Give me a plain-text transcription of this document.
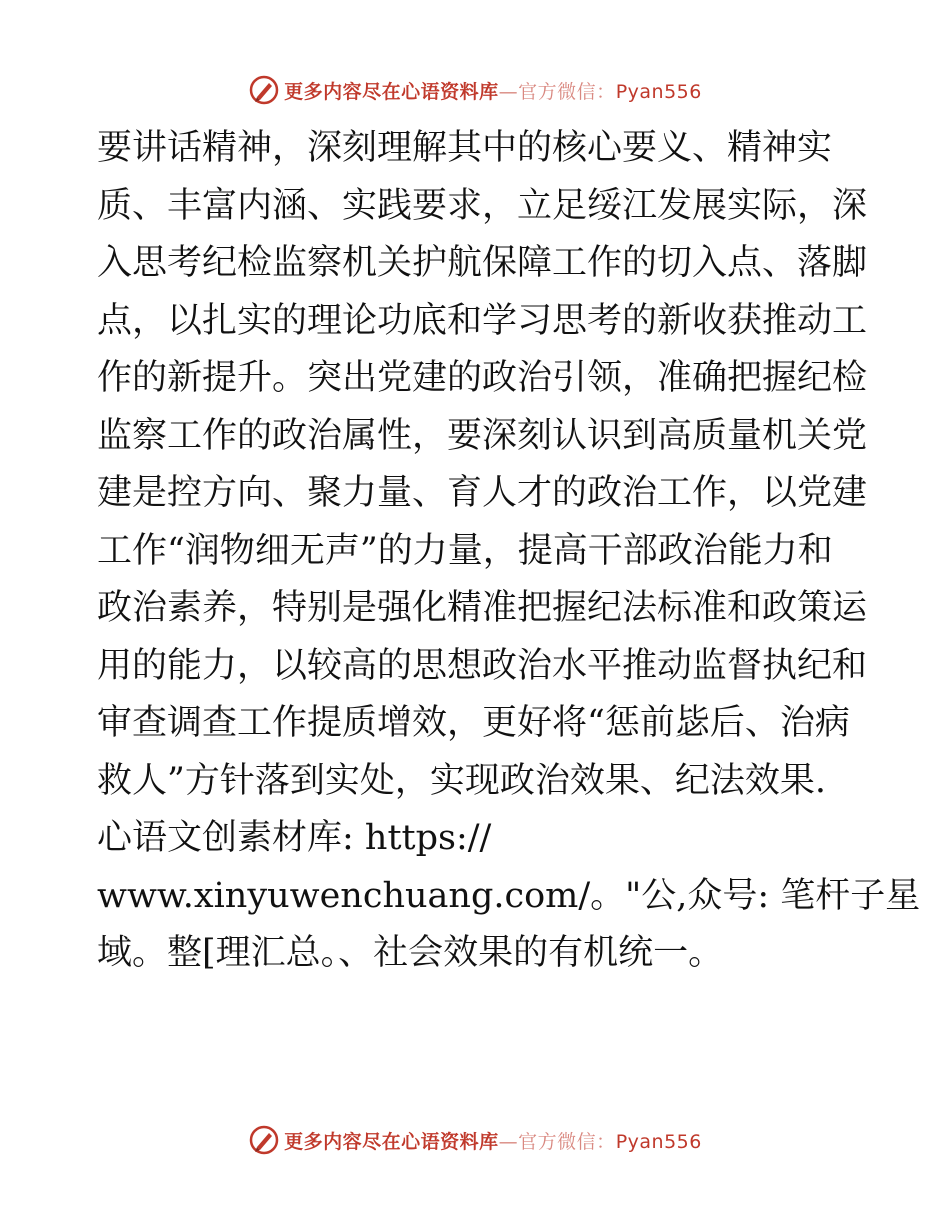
更多内容尽在心语资料库—官方微信：Pyan556
要讲话精神，深刻理解其中的核心要义、精神实
质、丰富内涵、实践要求，立足绥江发展实际，深
入思考纪检监察机关护航保障工作的切入点、落脚
点，以扎实的理论功底和学习思考的新收获推动工
作的新提升。突出党建的政治引领，准确把握纪检
监察工作的政治属性，要深刻认识到高质量机关党
建是控方向、聚力量、育人才的政治工作，以党建
工作“润物细无声”的力量，提高干部政治能力和
政治素养，特别是强化精准把握纪法标准和政策运
用的能力，以较高的思想政治水平推动监督执纪和
审查调查工作提质增效，更好将“惩前毖后、治病
救人”方针落到实处，实现政治效果、纪法效果.
心语文创素材库: https://
www.xinyuwenchuang.com/。"公,众号: 笔杆子星
域。整[理汇总。、社会效果的有机统一。
更多内容尽在心语资料库—官方微信：Pyan556
